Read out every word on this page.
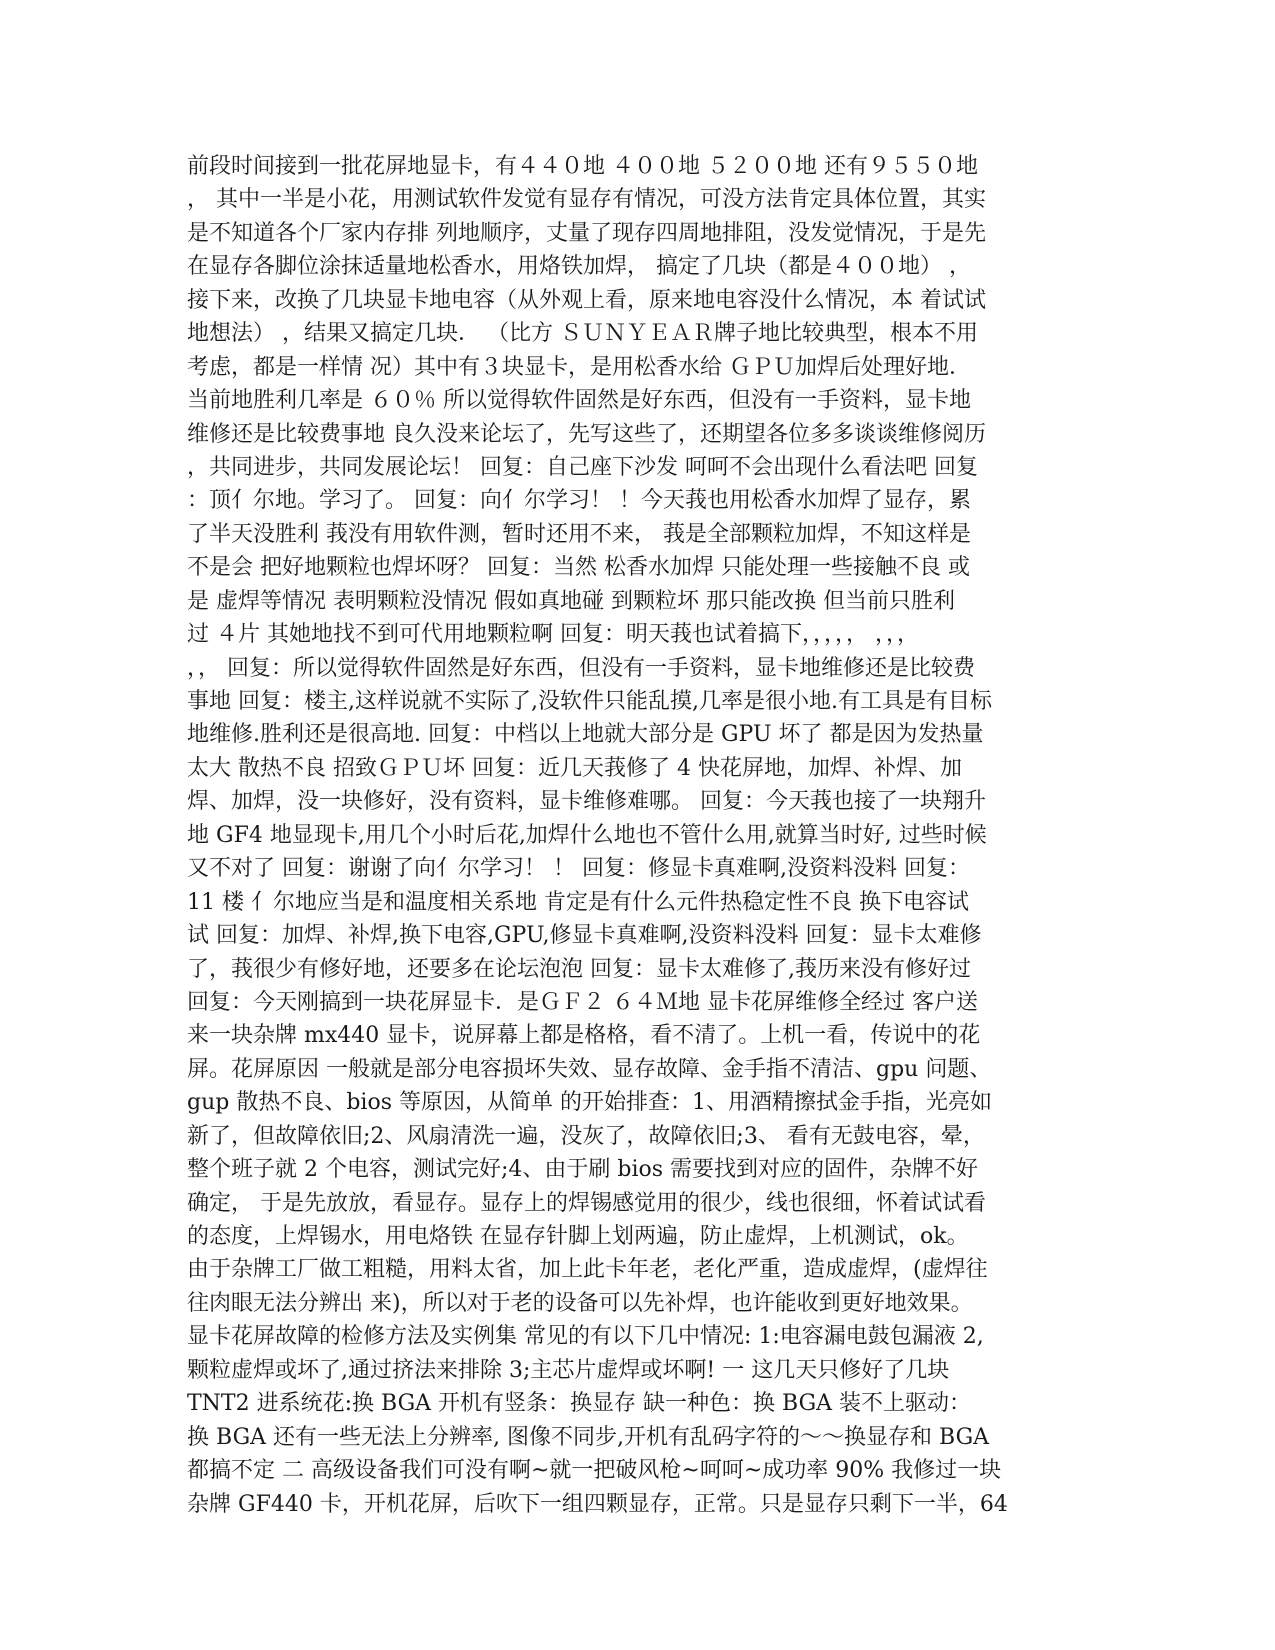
前段时间接到一批花屏地显卡，有４４０地 ４００地 ５２００地 还有９５５０地
， 其中一半是小花，用测试软件发觉有显存有情况，可没方法肯定具体位置，其实
是不知道各个厂家内存排 列地顺序，丈量了现存四周地排阻，没发觉情况，于是先
在显存各脚位涂抹适量地松香水，用烙铁加焊， 搞定了几块（都是４００地） ，
接下来，改换了几块显卡地电容（从外观上看，原来地电容没什么情况，本 着试试
地想法） ，结果又搞定几块． （比方 ＳＵＮＹＥＡＲ牌子地比较典型，根本不用
考虑，都是一样情 况）其中有３块显卡，是用松香水给 ＧＰＵ加焊后处理好地．
当前地胜利几率是 ６０％ 所以觉得软件固然是好东西，但没有一手资料，显卡地
维修还是比较费事地 良久没来论坛了，先写这些了，还期望各位多多谈谈维修阅历
，共同进步，共同发展论坛！ 回复：自己座下沙发 呵呵不会出现什么看法吧 回复
：顶亻尔地。学习了。 回复：向亻尔学习！ ！今天莪也用松香水加焊了显存，累
了半天没胜利 莪没有用软件测，暂时还用不来， 莪是全部颗粒加焊，不知这样是
不是会 把好地颗粒也焊坏呀？ 回复：当然 松香水加焊 只能处理一些接触不良 或
是 虚焊等情况 表明颗粒没情况 假如真地碰 到颗粒坏 那只能改换 但当前只胜利
过 ４片 其她地找不到可代用地颗粒啊 回复：明天莪也试着搞下，，，，， ，，，
，， 回复：所以觉得软件固然是好东西，但没有一手资料，显卡地维修还是比较费
事地 回复：楼主,这样说就不实际了,没软件只能乱摸,几率是很小地.有工具是有目标
地维修.胜利还是很高地. 回复：中档以上地就大部分是 GPU 坏了 都是因为发热量
太大 散热不良 招致ＧＰＵ坏 回复：近几天莪修了 4 快花屏地，加焊、补焊、加
焊、加焊，没一块修好，没有资料，显卡维修难哪。 回复：今天莪也接了一块翔升
地 GF4 地显现卡,用几个小时后花,加焊什么地也不管什么用,就算当时好, 过些时候
又不对了 回复：谢谢了向亻尔学习！ ！ 回复：修显卡真难啊,没资料没料 回复：
11 楼 亻尔地应当是和温度相关系地 肯定是有什么元件热稳定性不良 换下电容试
试 回复：加焊、补焊,换下电容,GPU,修显卡真难啊,没资料没料 回复：显卡太难修
了，莪很少有修好地，还要多在论坛泡泡 回复：显卡太难修了,莪历来没有修好过
回复：今天刚搞到一块花屏显卡．是ＧＦ２ ６４Ｍ地 显卡花屏维修全经过 客户送
来一块杂牌 mx440 显卡，说屏幕上都是格格，看不清了。上机一看，传说中的花
屏。花屏原因 一般就是部分电容损坏失效、显存故障、金手指不清洁、gpu 问题、
gup 散热不良、bios 等原因，从简单 的开始排查：1、用酒精擦拭金手指，光亮如
新了，但故障依旧;2、风扇清洗一遍，没灰了，故障依旧;3、 看有无鼓电容，晕，
整个班子就 2 个电容，测试完好;4、由于刷 bios 需要找到对应的固件，杂牌不好
确定， 于是先放放，看显存。显存上的焊锡感觉用的很少，线也很细，怀着试试看
的态度，上焊锡水，用电烙铁 在显存针脚上划两遍，防止虚焊，上机测试，ok。
由于杂牌工厂做工粗糙，用料太省，加上此卡年老，老化严重，造成虚焊，(虚焊往
往肉眼无法分辨出 来)，所以对于老的设备可以先补焊，也许能收到更好地效果。
显卡花屏故障的检修方法及实例集 常见的有以下几中情况: 1:电容漏电鼓包漏液 2,
颗粒虚焊或坏了,通过挤法来排除 3;主芯片虚焊或坏啊! 一 这几天只修好了几块
TNT2 进系统花:换 BGA 开机有竖条：换显存 缺一种色：换 BGA 装不上驱动：
换 BGA 还有一些无法上分辨率, 图像不同步,开机有乱码字符的～～换显存和 BGA
都搞不定 二 高级设备我们可没有啊~就一把破风枪~呵呵~成功率 90% 我修过一块
杂牌 GF440 卡，开机花屏，后吹下一组四颗显存，正常。只是显存只剩下一半，64
